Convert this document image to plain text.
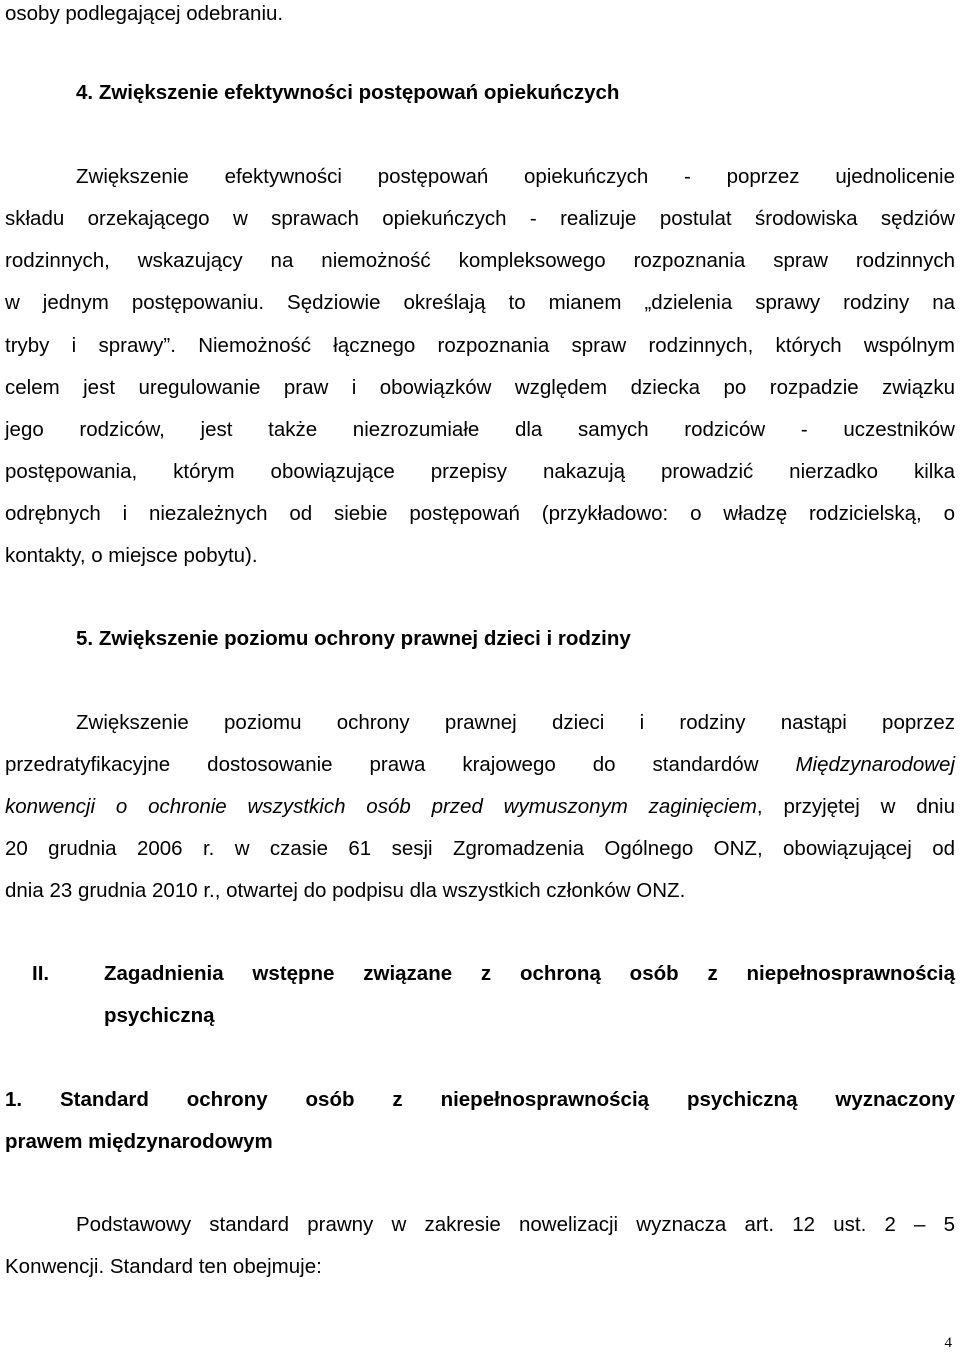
osoby podlegającej odebraniu.
4. Zwiększenie efektywności postępowań opiekuńczych
Zwiększenie efektywności postępowań opiekuńczych - poprzez ujednolicenie
składu orzekającego w sprawach opiekuńczych - realizuje postulat środowiska sędziów
rodzinnych, wskazujący na niemożność kompleksowego rozpoznania spraw rodzinnych
w jednym postępowaniu. Sędziowie określają to mianem „dzielenia sprawy rodziny na
tryby i sprawy”. Niemożność łącznego rozpoznania spraw rodzinnych, których wspólnym
celem jest uregulowanie praw i obowiązków względem dziecka po rozpadzie związku
jego rodziców, jest także niezrozumiałe dla samych rodziców - uczestników
postępowania, którym obowiązujące przepisy nakazują prowadzić nierzadko kilka
odrębnych i niezależnych od siebie postępowań (przykładowo: o władzę rodzicielską, o
kontakty, o miejsce pobytu).
5. Zwiększenie poziomu ochrony prawnej dzieci i rodziny
Zwiększenie poziomu ochrony prawnej dzieci i rodziny nastąpi poprzez
przedratyfikacyjne dostosowanie prawa krajowego do standardów Międzynarodowej
konwencji o ochronie wszystkich osób przed wymuszonym zaginięciem, przyjętej w dniu
20 grudnia 2006 r. w czasie 61 sesji Zgromadzenia Ogólnego ONZ, obowiązującej od
dnia 23 grudnia 2010 r., otwartej do podpisu dla wszystkich członków ONZ.
II.	Zagadnienia wstępne związane z ochroną osób z niepełnosprawnością
psychiczną
1. Standard ochrony osób z niepełnosprawnością psychiczną wyznaczony
prawem międzynarodowym
Podstawowy standard prawny w zakresie nowelizacji wyznacza art. 12 ust. 2 – 5
Konwencji. Standard ten obejmuje:
4
